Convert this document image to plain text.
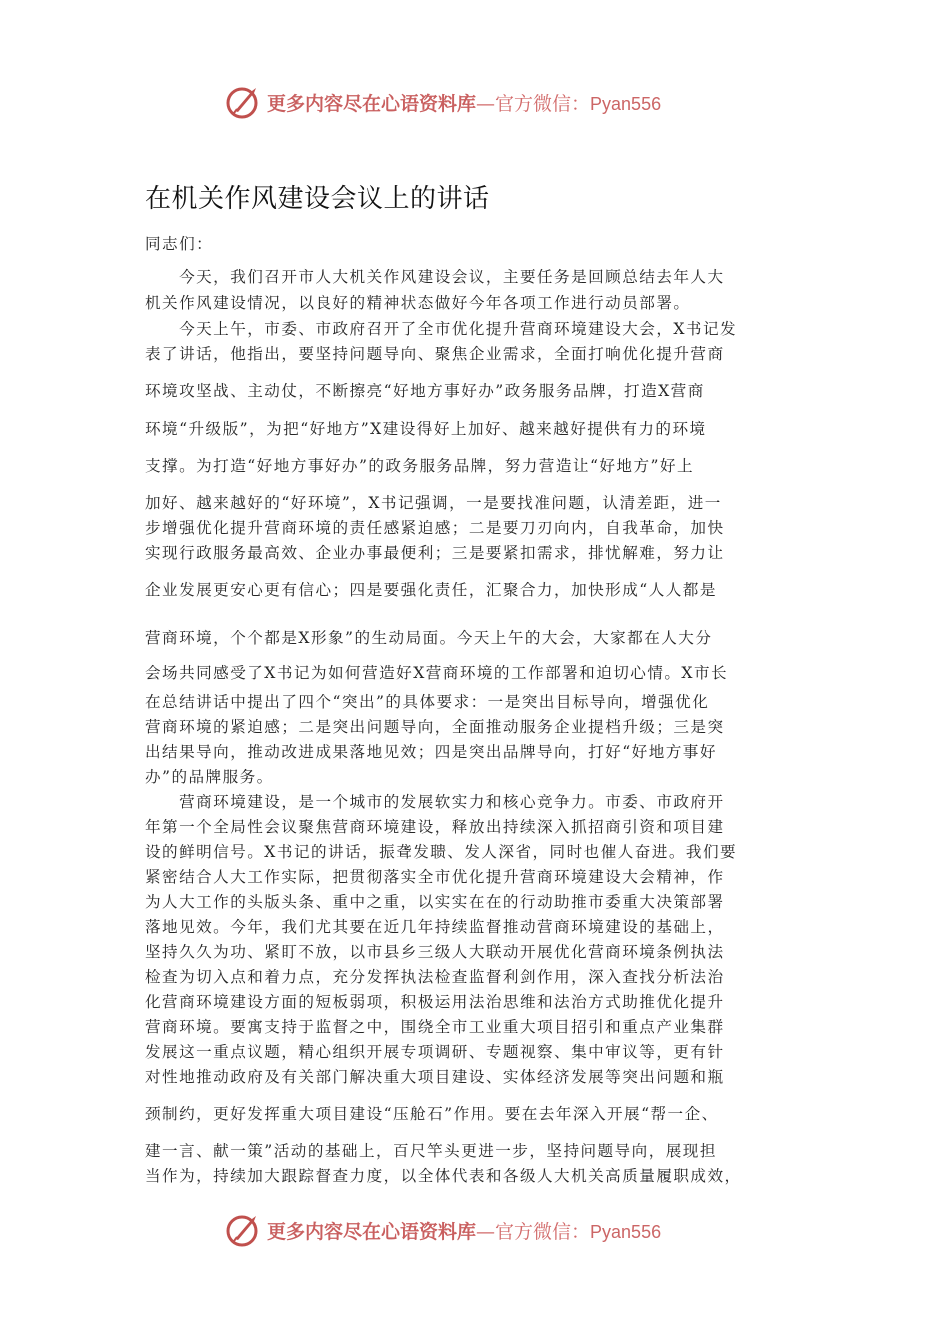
更多内容尽在心语资料库—官方微信：Pyan556
在机关作风建设会议上的讲话

同志们：

　　今天，我们召开市人大机关作风建设会议，主要任务是回顾总结去年人大

机关作风建设情况，以良好的精神状态做好今年各项工作进行动员部署。

　　今天上午，市委、市政府召开了全市优化提升营商环境建设大会，X书记发

表了讲话，他指出，要坚持问题导向、聚焦企业需求，全面打响优化提升营商

环境攻坚战、主动仗，不断擦亮“好地方事好办”政务服务品牌，打造X营商

环境“升级版”，为把“好地方”X建设得好上加好、越来越好提供有力的环境

支撑。为打造“好地方事好办”的政务服务品牌，努力营造让“好地方”好上

加好、越来越好的“好环境”，X书记强调，一是要找准问题，认清差距，进一

步增强优化提升营商环境的责任感紧迫感；二是要刀刃向内，自我革命，加快

实现行政服务最高效、企业办事最便利；三是要紧扣需求，排忧解难，努力让

企业发展更安心更有信心；四是要强化责任，汇聚合力，加快形成“人人都是

营商环境，个个都是X形象”的生动局面。今天上午的大会，大家都在人大分

会场共同感受了X书记为如何营造好X营商环境的工作部署和迫切心情。X市长

在总结讲话中提出了四个“突出”的具体要求：一是突出目标导向，增强优化

营商环境的紧迫感；二是突出问题导向，全面推动服务企业提档升级；三是突

出结果导向，推动改进成果落地见效；四是突出品牌导向，打好“好地方事好

办”的品牌服务。

　　营商环境建设，是一个城市的发展软实力和核心竞争力。市委、市政府开

年第一个全局性会议聚焦营商环境建设，释放出持续深入抓招商引资和项目建

设的鲜明信号。X书记的讲话，振聋发聩、发人深省，同时也催人奋进。我们要

紧密结合人大工作实际，把贯彻落实全市优化提升营商环境建设大会精神，作

为人大工作的头版头条、重中之重，以实实在在的行动助推市委重大决策部署

落地见效。今年，我们尤其要在近几年持续监督推动营商环境建设的基础上，

坚持久久为功、紧盯不放，以市县乡三级人大联动开展优化营商环境条例执法

检查为切入点和着力点，充分发挥执法检查监督利剑作用，深入查找分析法治

化营商环境建设方面的短板弱项，积极运用法治思维和法治方式助推优化提升

营商环境。要寓支持于监督之中，围绕全市工业重大项目招引和重点产业集群

发展这一重点议题，精心组织开展专项调研、专题视察、集中审议等，更有针

对性地推动政府及有关部门解决重大项目建设、实体经济发展等突出问题和瓶

颈制约，更好发挥重大项目建设“压舱石”作用。要在去年深入开展“帮一企、

建一言、献一策”活动的基础上，百尺竿头更进一步，坚持问题导向，展现担

当作为，持续加大跟踪督查力度，以全体代表和各级人大机关高质量履职成效，

更多内容尽在心语资料库—官方微信：Pyan556
